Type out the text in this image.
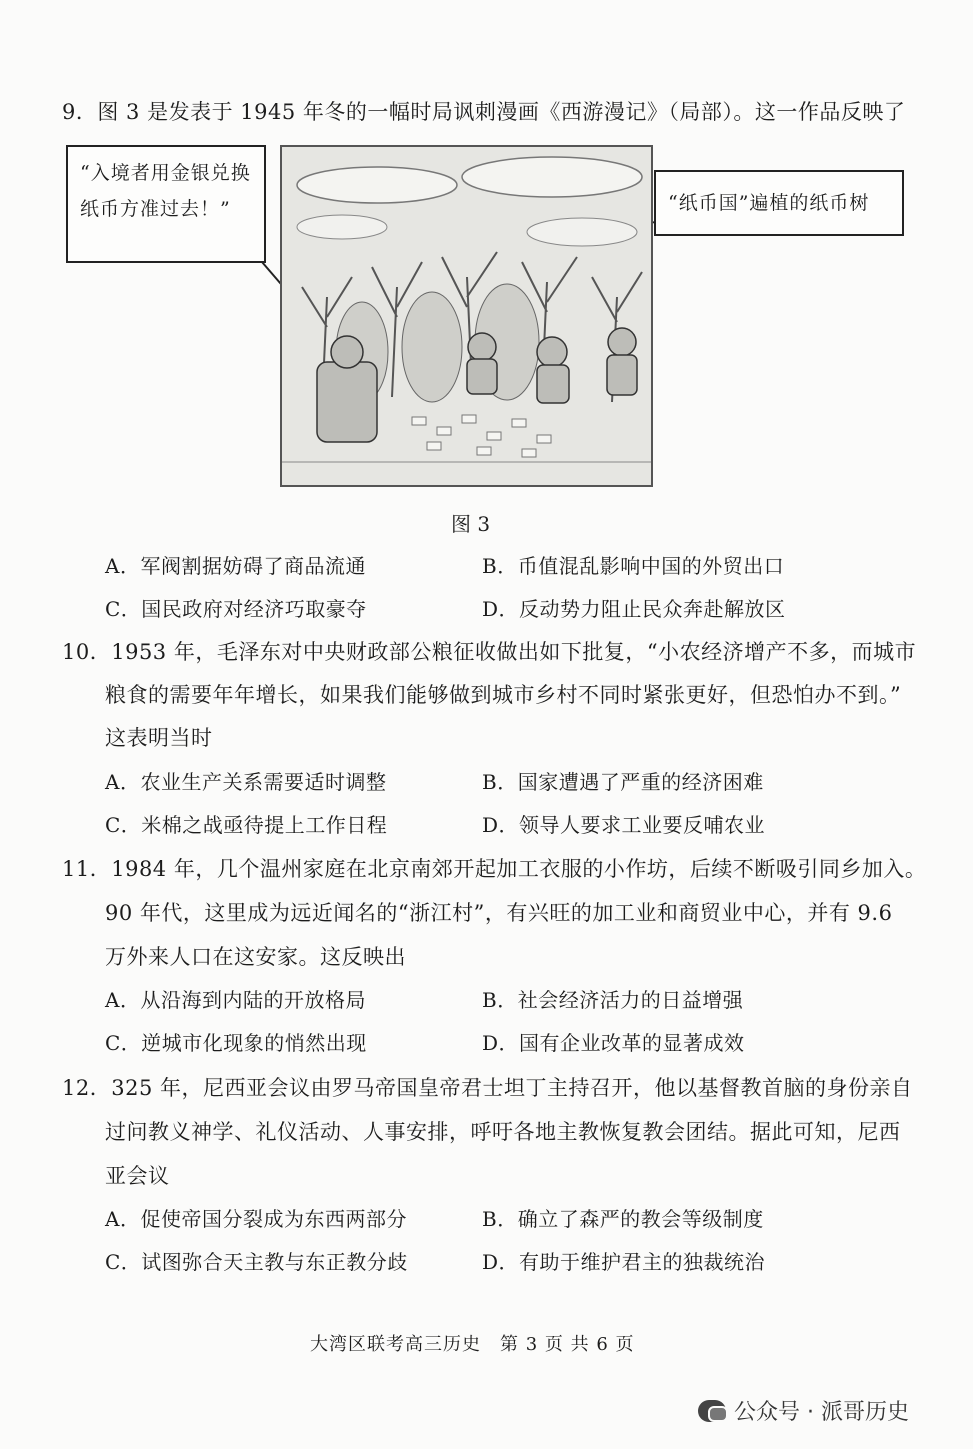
9．图 3 是发表于 1945 年冬的一幅时局讽刺漫画《西游漫记》（局部）。这一作品反映了
“入境者用金银兑换
纸币方准过去！”	“纸币国”遍植的纸币树
图 3
A．军阀割据妨碍了商品流通	B．币值混乱影响中国的外贸出口
C．国民政府对经济巧取豪夺	D．反动势力阻止民众奔赴解放区
10．1953 年，毛泽东对中央财政部公粮征收做出如下批复，“小农经济增产不多，而城市
粮食的需要年年增长，如果我们能够做到城市乡村不同时紧张更好，但恐怕办不到。”
这表明当时
A．农业生产关系需要适时调整	B．国家遭遇了严重的经济困难
C．米棉之战亟待提上工作日程	D．领导人要求工业要反哺农业
11．1984 年，几个温州家庭在北京南郊开起加工衣服的小作坊，后续不断吸引同乡加入。
90 年代，这里成为远近闻名的“浙江村”，有兴旺的加工业和商贸业中心，并有 9.6
万外来人口在这安家。这反映出
A．从沿海到内陆的开放格局	B．社会经济活力的日益增强
C．逆城市化现象的悄然出现	D．国有企业改革的显著成效
12．325 年，尼西亚会议由罗马帝国皇帝君士坦丁主持召开，他以基督教首脑的身份亲自
过问教义神学、礼仪活动、人事安排，呼吁各地主教恢复教会团结。据此可知，尼西
亚会议
A．促使帝国分裂成为东西两部分	B．确立了森严的教会等级制度
C．试图弥合天主教与东正教分歧	D．有助于维护君主的独裁统治
大湾区联考高三历史　第 3 页 共 6 页
公众号 · 派哥历史
